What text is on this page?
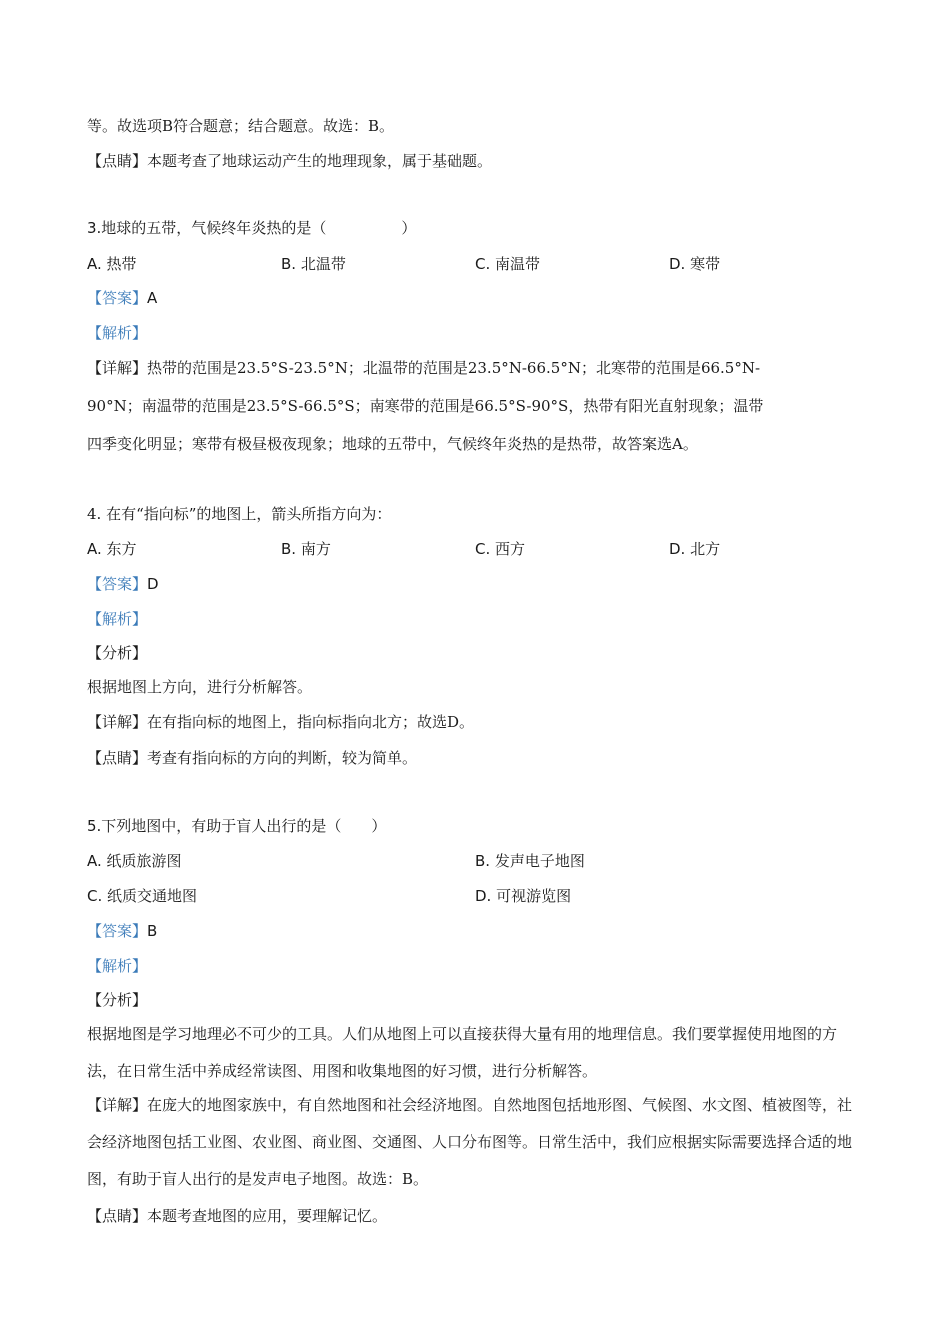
等。故选项B符合题意；结合题意。故选：B。
【点睛】本题考查了地球运动产生的地理现象，属于基础题。
3.地球的五带，气候终年炎热的是（　　　　　）
A. 热带	B. 北温带	C. 南温带	D. 寒带
【答案】A
【解析】
【详解】热带的范围是23.5°S-23.5°N；北温带的范围是23.5°N-66.5°N；北寒带的范围是66.5°N-
90°N；南温带的范围是23.5°S-66.5°S；南寒带的范围是66.5°S-90°S，热带有阳光直射现象；温带
四季变化明显；寒带有极昼极夜现象；地球的五带中，气候终年炎热的是热带，故答案选A。
4. 在有“指向标”的地图上，箭头所指方向为：
A. 东方	B. 南方	C. 西方	D. 北方
【答案】D
【解析】
【分析】
根据地图上方向，进行分析解答。
【详解】在有指向标的地图上，指向标指向北方；故选D。
【点睛】考查有指向标的方向的判断，较为简单。
5.下列地图中，有助于盲人出行的是（　　）
A. 纸质旅游图	B. 发声电子地图
C. 纸质交通地图	D. 可视游览图
【答案】B
【解析】
【分析】
根据地图是学习地理必不可少的工具。人们从地图上可以直接获得大量有用的地理信息。我们要掌握使用地图的方法，在日常生活中养成经常读图、用图和收集地图的好习惯，进行分析解答。
【详解】在庞大的地图家族中，有自然地图和社会经济地图。自然地图包括地形图、气候图、水文图、植被图等，社会经济地图包括工业图、农业图、商业图、交通图、人口分布图等。日常生活中，我们应根据实际需要选择合适的地图，有助于盲人出行的是发声电子地图。故选：B。
【点睛】本题考查地图的应用，要理解记忆。
